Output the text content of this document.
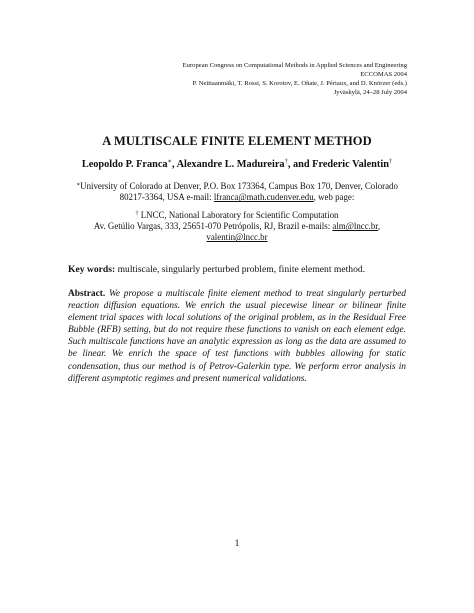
European Congress on Computational Methods in Applied Sciences and Engineering
ECCOMAS 2004
P. Neittaanmäki, T. Rossi, S. Korotov, E. Oñate, J. Périaux, and D. Knörzer (eds.)
Jyväskylä, 24–28 July 2004
A MULTISCALE FINITE ELEMENT METHOD
Leopoldo P. Franca∗, Alexandre L. Madureira†, and Frederic Valentin†
∗University of Colorado at Denver, P.O. Box 173364, Campus Box 170, Denver, Colorado
80217-3364, USA e-mail: lfranca@math.cudenver.edu, web page:
† LNCC, National Laboratory for Scientific Computation
Av. Getúlio Vargas, 333, 25651-070 Petrópolis, RJ, Brazil e-mails: alm@lncc.br,
valentin@lncc.br
Key words: multiscale, singularly perturbed problem, finite element method.
Abstract. We propose a multiscale finite element method to treat singularly perturbed reaction diffusion equations. We enrich the usual piecewise linear or bilinear finite element trial spaces with local solutions of the original problem, as in the Residual Free Bubble (RFB) setting, but do not require these functions to vanish on each element edge. Such multiscale functions have an analytic expression as long as the data are assumed to be linear. We enrich the space of test functions with bubbles allowing for static condensation, thus our method is of Petrov-Galerkin type. We perform error analysis in different asymptotic regimes and present numerical validations.
1
